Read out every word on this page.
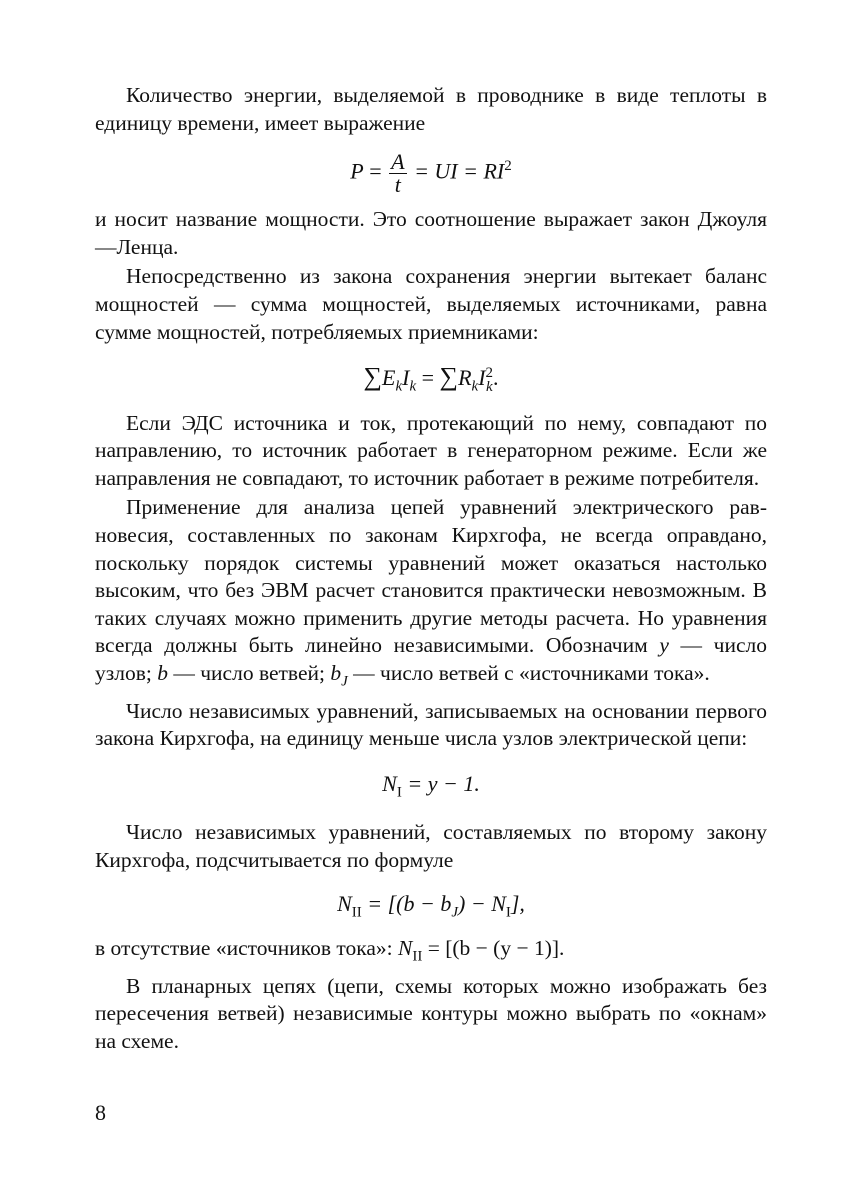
Количество энергии, выделяемой в проводнике в виде теплоты в единицу времени, имеет выражение

$P = \frac{A}{t}$ = UI = $RI^2$

и носит название мощности. Это соотношение выражает закон Джоуля—Ленца.

Непосредственно из закона сохранения энергии вытекает баланс мощностей — сумма мощностей, выделяемых источниками, равна сумме мощностей, потребляемых приемниками:

$\sum E_kI_k = \sum R_kI$ 2
k .

Если ЭДС источника и ток, протекающий по нему, совпадают по направлению, то источник работает в генераторном режиме. Если же направления не совпадают, то источник работает в режиме потребителя.

Применение для анализа цепей уравнений электрического равновесия, составленных по законам Кирхгофа, не всегда оправдано, поскольку порядок системы уравнений может оказаться настолько высоким, что без ЭВМ расчет становится практически невозможным. В таких случаях можно применить другие методы расчета. Но уравнения всегда должны быть линейно независимыми. Обозначим y — число узлов; b — число ветвей; $b_J$ — число ветвей с «источниками тока».

Число независимых уравнений, записываемых на основании первого закона Кирхгофа, на единицу меньше числа узлов электрической цепи:

$N_I = y - 1$.

Число независимых уравнений, составляемых по второму закону Кирхгофа, подсчитывается по формуле

$N_{II} = [(b - b_J) - N_I]$,

в отсутствие «источников тока»: $N_{II} = [(b - (y - 1)]$.

В планарных цепях (цепи, схемы которых можно изображать без пересечения ветвей) независимые контуры можно выбрать по «окнам» на схеме.

8
